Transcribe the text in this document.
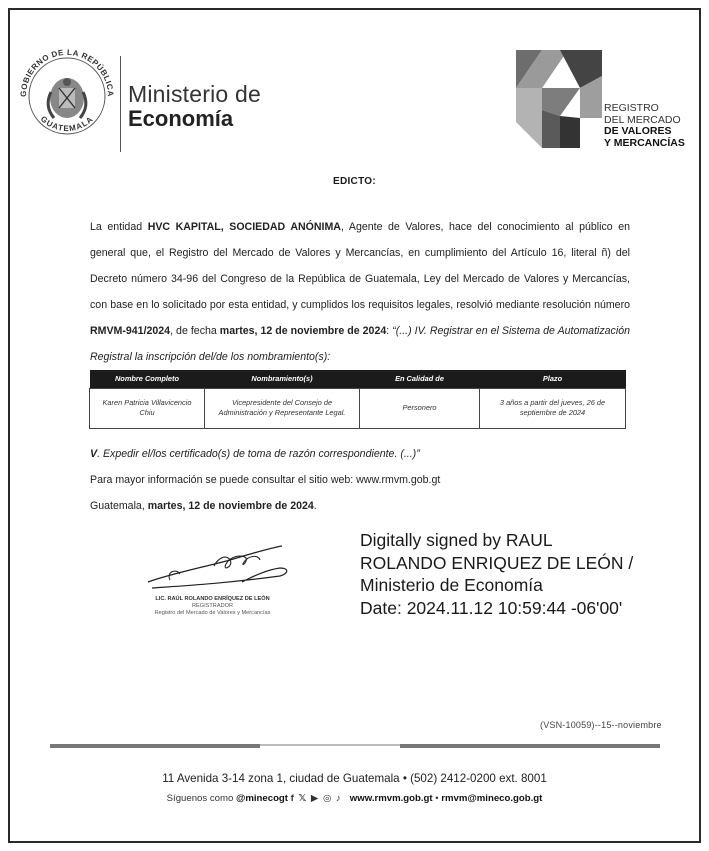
GOBIERNO DE LA REPÚBLICA
GUATEMALA
Ministerio de
Economía	REGISTRO
DEL MERCADO
DE VALORES
Y MERCANCÍAS
EDICTO:
La entidad HVC KAPITAL, SOCIEDAD ANÓNIMA, Agente de Valores, hace del conocimiento al público en general que, el Registro del Mercado de Valores y Mercancías, en cumplimiento del Artículo 16, literal ñ) del Decreto número 34-96 del Congreso de la República de Guatemala, Ley del Mercado de Valores y Mercancías, con base en lo solicitado por esta entidad, y cumplidos los requisitos legales, resolvió mediante resolución número RMVM-941/2024, de fecha martes, 12 de noviembre de 2024: “(...) IV. Registrar en el Sistema de Automatización Registral la inscripción del/de los nombramiento(s):
Nombre Completo	Nombramiento(s)	En Calidad de	Plazo
Karen Patricia Villavicencio Chiu	Vicepresidente del Consejo de Administración y Representante Legal.	Personero	3 años a partir del jueves, 26 de septiembre de 2024
V. Expedir el/los certificado(s) de toma de razón correspondiente. (...)”
Para mayor información se puede consultar el sitio web: www.rmvm.gob.gt
Guatemala, martes, 12 de noviembre de 2024.
LIC. RAÚL ROLANDO ENRÍQUEZ DE LEÓN
REGISTRADOR
Registro del Mercado de Valores y Mercancías
Digitally signed by RAUL
ROLANDO ENRIQUEZ DE LEÓN /
Ministerio de Economía
Date: 2024.11.12 10:59:44 -06'00'
(VSN-10059)--15--noviembre
11 Avenida 3-14 zona 1, ciudad de Guatemala • (502) 2412-0200 ext. 8001
Síguenos como @minecogt f 𝕏 ▶ ◎ ♪ www.rmvm.gob.gt • rmvm@mineco.gob.gt
